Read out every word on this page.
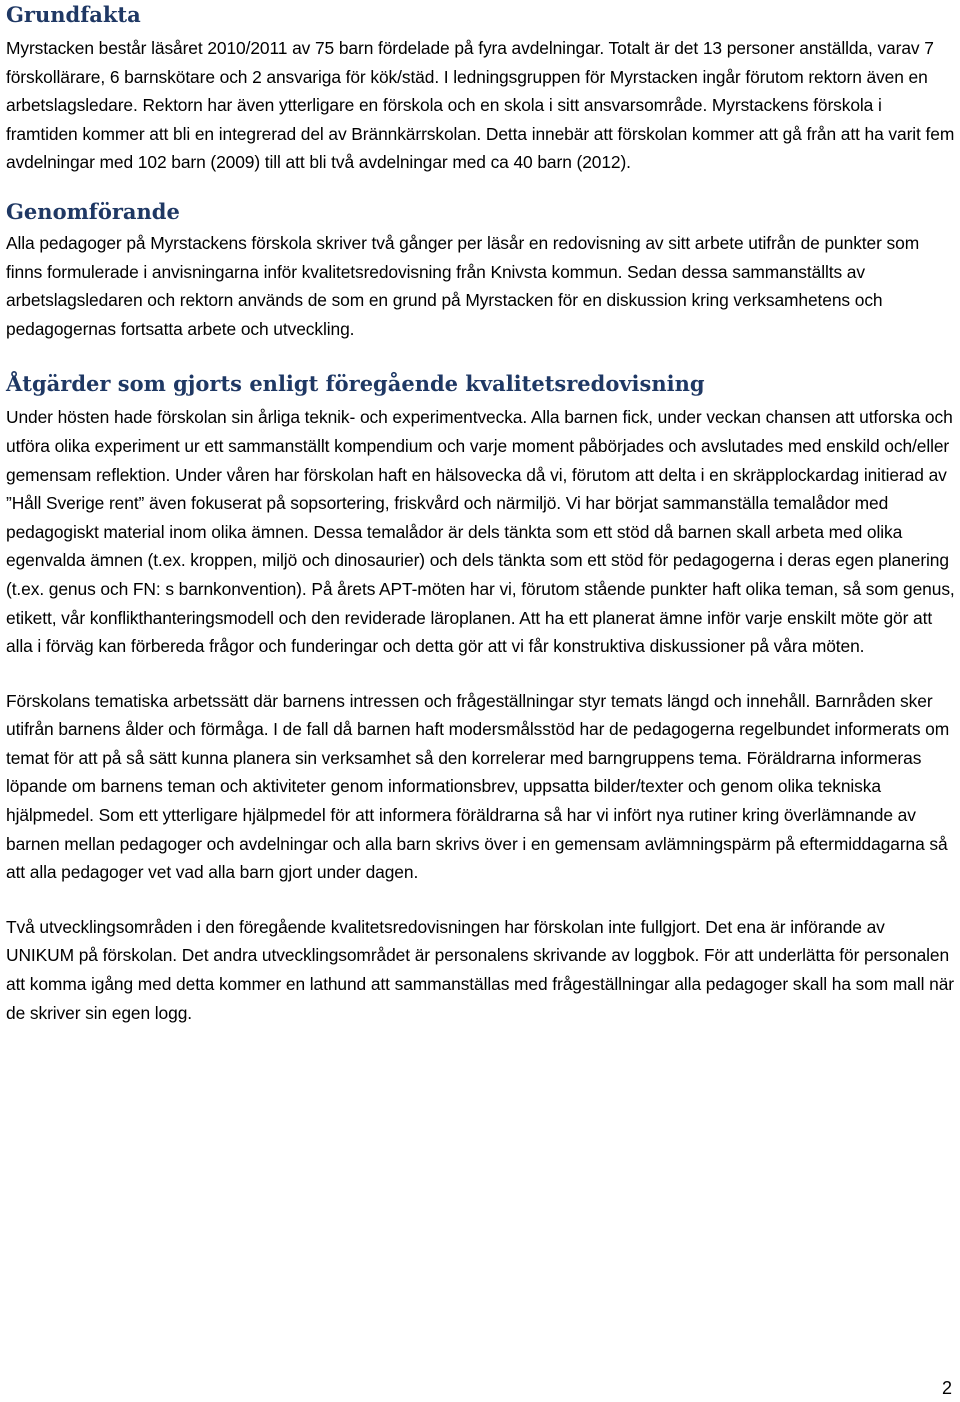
Grundfakta

Myrstacken består läsåret 2010/2011 av 75 barn fördelade på fyra avdelningar. Totalt är det 13 personer anställda, varav 7 förskollärare, 6 barnskötare och 2 ansvariga för kök/städ. I ledningsgruppen för Myrstacken ingår förutom rektorn även en arbetslagsledare. Rektorn har även ytterligare en förskola och en skola i sitt ansvarsområde. Myrstackens förskola i framtiden kommer att bli en integrerad del av Brännkärrskolan. Detta innebär att förskolan kommer att gå från att ha varit fem avdelningar med 102 barn (2009) till att bli två avdelningar med ca 40 barn (2012).

Genomförande

Alla pedagoger på Myrstackens förskola skriver två gånger per läsår en redovisning av sitt arbete utifrån de punkter som finns formulerade i anvisningarna inför kvalitetsredovisning från Knivsta kommun. Sedan dessa sammanställts av arbetslagsledaren och rektorn används de som en grund på Myrstacken för en diskussion kring verksamhetens och pedagogernas fortsatta arbete och utveckling.

Åtgärder som gjorts enligt föregående kvalitetsredovisning

Under hösten hade förskolan sin årliga teknik- och experimentvecka. Alla barnen fick, under veckan chansen att utforska och utföra olika experiment ur ett sammanställt kompendium och varje moment påbörjades och avslutades med enskild och/eller gemensam reflektion. Under våren har förskolan haft en hälsovecka då vi, förutom att delta i en skräpplockardag initierad av ”Håll Sverige rent” även fokuserat på sopsortering, friskvård och närmiljö. Vi har börjat sammanställa temalådor med pedagogiskt material inom olika ämnen. Dessa temalådor är dels tänkta som ett stöd då barnen skall arbeta med olika egenvalda ämnen (t.ex. kroppen, miljö och dinosaurier) och dels tänkta som ett stöd för pedagogerna i deras egen planering (t.ex. genus och FN: s barnkonvention). På årets APT-möten har vi, förutom stående punkter haft olika teman, så som genus, etikett, vår konflikthanteringsmodell och den reviderade läroplanen. Att ha ett planerat ämne inför varje enskilt möte gör att alla i förväg kan förbereda frågor och funderingar och detta gör att vi får konstruktiva diskussioner på våra möten.

Förskolans tematiska arbetssätt där barnens intressen och frågeställningar styr temats längd och innehåll. Barnråden sker utifrån barnens ålder och förmåga. I de fall då barnen haft modersmålsstöd har de pedagogerna regelbundet informerats om temat för att på så sätt kunna planera sin verksamhet så den korrelerar med barngruppens tema. Föräldrarna informeras löpande om barnens teman och aktiviteter genom informationsbrev, uppsatta bilder/texter och genom olika tekniska hjälpmedel. Som ett ytterligare hjälpmedel för att informera föräldrarna så har vi infört nya rutiner kring överlämnande av barnen mellan pedagoger och avdelningar och alla barn skrivs över i en gemensam avlämningspärm på eftermiddagarna så att alla pedagoger vet vad alla barn gjort under dagen.

Två utvecklingsområden i den föregående kvalitetsredovisningen har förskolan inte fullgjort. Det ena är införande av UNIKUM på förskolan. Det andra utvecklingsområdet är personalens skrivande av loggbok. För att underlätta för personalen att komma igång med detta kommer en lathund att sammanställas med frågeställningar alla pedagoger skall ha som mall när de skriver sin egen logg.

2
